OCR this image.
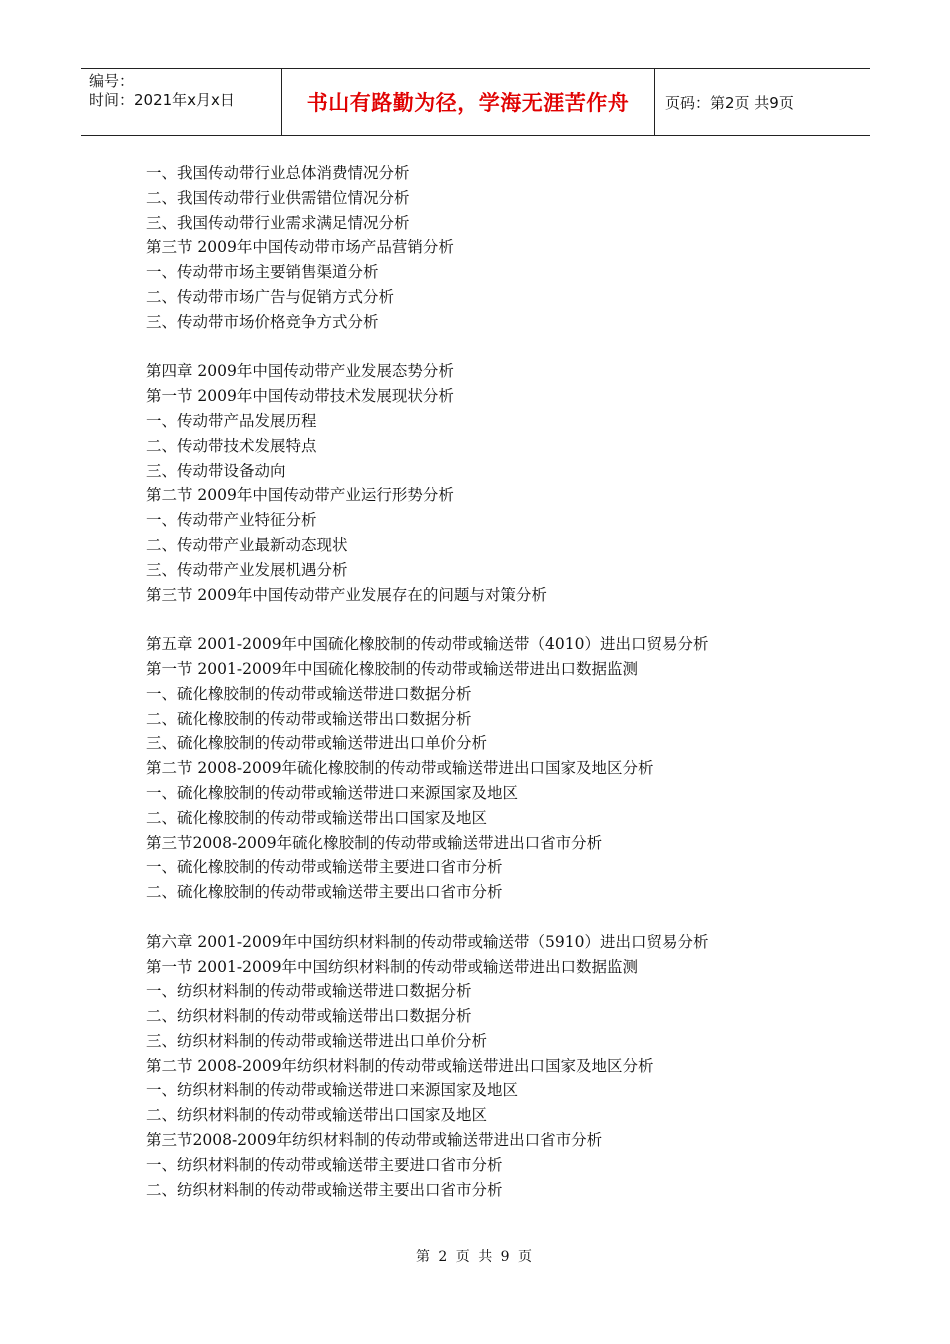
编号：
时间：2021年x月x日	书山有路勤为径，学海无涯苦作舟 页码：第2页 共9页
一、我国传动带行业总体消费情况分析
二、我国传动带行业供需错位情况分析
三、我国传动带行业需求满足情况分析
第三节 2009年中国传动带市场产品营销分析
一、传动带市场主要销售渠道分析
二、传动带市场广告与促销方式分析
三、传动带市场价格竞争方式分析
第四章 2009年中国传动带产业发展态势分析
第一节 2009年中国传动带技术发展现状分析
一、传动带产品发展历程
二、传动带技术发展特点
三、传动带设备动向
第二节 2009年中国传动带产业运行形势分析
一、传动带产业特征分析
二、传动带产业最新动态现状
三、传动带产业发展机遇分析
第三节 2009年中国传动带产业发展存在的问题与对策分析
第五章 2001-2009年中国硫化橡胶制的传动带或输送带（4010）进出口贸易分析
第一节 2001-2009年中国硫化橡胶制的传动带或输送带进出口数据监测
一、硫化橡胶制的传动带或输送带进口数据分析
二、硫化橡胶制的传动带或输送带出口数据分析
三、硫化橡胶制的传动带或输送带进出口单价分析
第二节 2008-2009年硫化橡胶制的传动带或输送带进出口国家及地区分析
一、硫化橡胶制的传动带或输送带进口来源国家及地区
二、硫化橡胶制的传动带或输送带出口国家及地区
第三节2008-2009年硫化橡胶制的传动带或输送带进出口省市分析
一、硫化橡胶制的传动带或输送带主要进口省市分析
二、硫化橡胶制的传动带或输送带主要出口省市分析
第六章 2001-2009年中国纺织材料制的传动带或输送带（5910）进出口贸易分析
第一节 2001-2009年中国纺织材料制的传动带或输送带进出口数据监测
一、纺织材料制的传动带或输送带进口数据分析
二、纺织材料制的传动带或输送带出口数据分析
三、纺织材料制的传动带或输送带进出口单价分析
第二节 2008-2009年纺织材料制的传动带或输送带进出口国家及地区分析
一、纺织材料制的传动带或输送带进口来源国家及地区
二、纺织材料制的传动带或输送带出口国家及地区
第三节2008-2009年纺织材料制的传动带或输送带进出口省市分析
一、纺织材料制的传动带或输送带主要进口省市分析
二、纺织材料制的传动带或输送带主要出口省市分析
第 2 页 共 9 页
